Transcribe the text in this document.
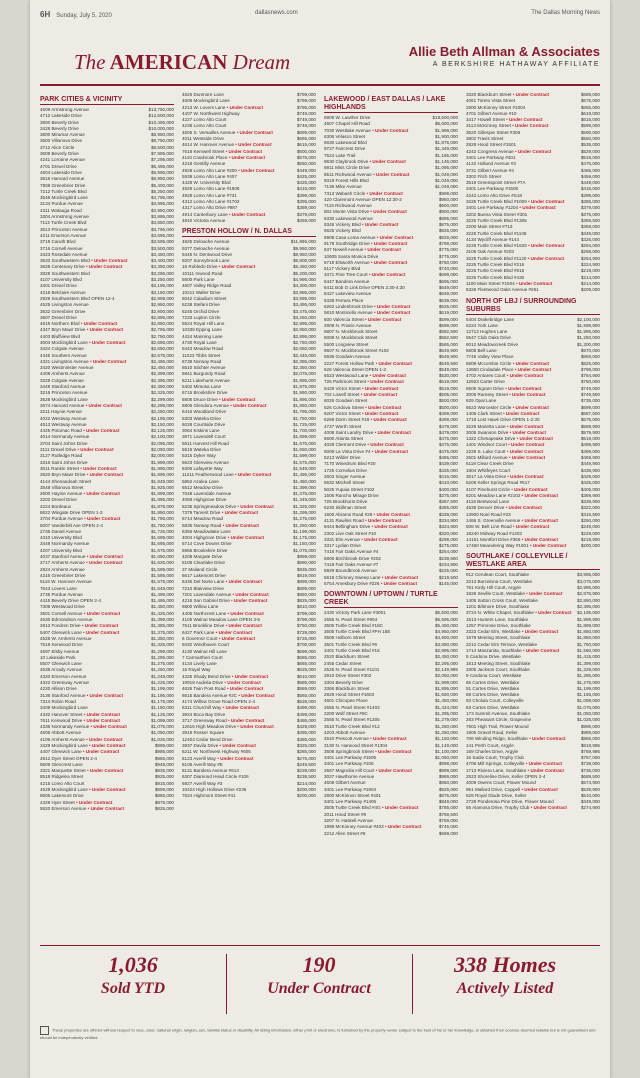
6H Sunday, July 5, 2020	dallasnews.com	The Dallas Morning News
The AMERICAN Dream	Allie Beth Allman & Associates
A BERKSHIRE HATHAWAY AFFILIATE
PARK CITIES & VICINITY
4509 Armstrong Avenue	$13,750,000
4712 Lakeside Drive	$12,500,000
3800 Beverly Drive	$10,495,000
3428 Beverly Drive	$10,000,000
3800 Miramar Avenue	$8,950,000
3600 Villanova Drive	$8,750,000
3712 Alice Circle	$8,500,000
3608 Beverly Drive	$7,995,000
4241 Lorraine Avenue	$7,295,000
4701 Drexel Drive	$6,495,000
4604 Lakeside Drive	$5,995,000
3616 Harvard Avenue	$5,950,000
7908 Greenbrier Drive	$5,400,000
7212 Turtle Creek Blvd	$5,250,000
3548 Mockingbird Lane	$4,795,000
3134 Purdue Avenue	$3,995,000
4311 Watauga Road	$3,950,000
3304 Armstrong Avenue	$3,895,000
7112 Turtle Creek Blvd	$3,850,000
3513 Princeton Avenue	$3,795,000
4211 Emerson Avenue	$3,695,000
3719 Caruth Blvd	$3,595,000
3716 Cornell Avenue	$3,500,000
3423 Rosedale Avenue	$3,450,000
3633 Southwestern Blvd • Under Contract	$3,400,000
3628 Centenary Drive • Under Contract	$3,350,000
3828 Southwestern Blvd	$3,295,000
4107 University Blvd	$3,250,000
3401 Drexel Drive	$3,195,000
4318 Belclaire Avenue	$3,150,000
2929 Southwestern Blvd OPEN 12-4	$2,999,000
4525 Livingston Avenue	$2,950,000
3632 Greenbrier Drive	$2,900,000
3607 Drexel Drive	$2,895,000
4615 Northern Blvd • Under Contract	$2,850,000
4347 Bryn Mawr Drive • Under Contract	$2,795,000
4403 Bluffview Blvd	$2,750,000
3004 Mockingbird Lane • Under Contract	$2,695,000
3424 Colgate Avenue	$2,650,000
4445 Southern Avenue	$2,575,000
4321 Livingston Avenue • Under Contract	$2,495,000
3420 Westminster Avenue	$2,450,000
4408 Amherst Avenue	$2,399,000
3228 Colgate Avenue	$2,395,000
3449 Stanford Avenue	$2,350,000
3216 Princeton Avenue	$2,325,000
3628 Mockingbird Lane	$2,299,000
3674 Harvard Avenue • Under Contract	$2,295,000
3211 Haynie Avenue	$2,250,000
4022 Westway Avenue	$2,195,000
4513 Westway Avenue	$2,150,000
4425 Potomac Road • Under Contract	$2,125,000
4014 Normandy Avenue	$2,100,000
3704 Saint Johns Drive	$2,095,000
3111 Drexel Drive • Under Contract	$2,050,000
3127 Rutledge Road	$2,000,000
3316 Saint Johns Drive	$1,999,000
3011 Rankin Street • Under Contract	$1,995,000
3520 Bryn Mawr Drive • Under Contract	$1,995,000
4144 Shenandoah Street	$1,949,000
3548 Villanova Street	$1,925,000
2600 Haynie Avenue • Under Contract	$1,899,000
3202 Drexel Drive	$1,895,000
4224 Bordeaux	$1,875,000
8622 Wingate Drive OPEN 1-3	$1,850,000
3704 Purdue Avenue • Under Contract	$1,795,000
5007 Vanderbilt Ave OPEN 2-4	$1,750,000
2735 Daniel Avenue	$1,725,000
4310 University Blvd	$1,699,000
3448 Normandy Avenue	$1,695,000
4207 University Blvd	$1,675,000
4037 Stanford Avenue • Under Contract	$1,650,000
2717 Amherst Avenue • Under Contract	$1,625,000
2824 Amherst Avenue	$1,599,000
4316 Greenbrier Drive	$1,595,000
5116 W. Hanover Avenue	$1,575,000
7643 Lovers Lane	$1,549,000
2735 Purdue Avenue	$1,499,000
4415 Beverly Drive OPEN 2-4	$1,495,000
7308 Westwood Drive	$1,450,000
3501 Cornell Avenue • Under Contract	$1,425,000
4530 Edmondson Avenue	$1,399,000
2813 Fondren Drive • Under Contract	$1,385,000
5407 Glenwick Lane • Under Contract	$1,375,000
4528 W. Amherst Avenue	$1,350,000
7518 Kenwood Drive	$1,325,000
4597 Elsby Avenue	$1,299,000
10 Lakeside Park	$1,295,000
5507 Glenwick Lane	$1,275,000
4538 Arcady Avenue	$1,250,000
4320 Emerson Avenue	$1,249,000
4322 Greenway Avenue	$1,225,000
4220 Allison Drive	$1,199,000
3136 Stanford Avenue • Under Contract	$1,195,000
7314 Robin Road	$1,175,000
3409 Mockingbird Lane	$1,150,000
4332 Hanover Street • Under Contract	$1,125,000
7611 Kenwood Drive • Under Contract	$1,099,000
4336 Normandy Avenue • Under Contract	$1,075,000
4606 Abbott Avenue	$1,050,000
4106 Amherst Avenue • Under Contract	$1,025,000
3429 Mockingbird Lane • Under Contract	$999,000
4407 Glenwick Lane • Under Contract	$985,000
2912 Dyer Street OPEN 2-4	$965,000
8609 Glencrest Lane	$949,000
3321 Marquette Street • Under Contract	$935,000
8518 Ridgelea Street	$925,000
4215 Lomo Alto Court	$915,000
4529 Mockingbird Lane • Under Contract	$899,000
8606 Lakemont Drive	$885,000
4329 Hyer Street • Under Contract	$875,000
5520 Emerson Avenue • Under Contract	$825,000
4626 Dunmore Lane	$799,000
4608 Mockingbird Lane	$799,000
4213 W. Lovers Lane • Under Contract	$795,000
4407 W. Northwest Highway	$749,000
4227 Lomo Alto Court	$749,000
4238 Lomo Alto Court	$749,000
4605 S. Versailles Avenue • Under Contract	$699,000
4011 Westside Drive	$665,000
4614 W. Hanover Avenue • Under Contract	$615,000
7618 Kemwell Street • Under Contract	$600,000
4110 Cranbrook Place • Under Contract	$575,000
4218 Gentilly Avenue	$550,000
4928 Lomo Alto Lane #200 • Under Contract	$449,000
5939 Lomo Alto Lane #407	$425,000
4428 W. University Blvd	$425,000
4929 Lomo Alto Lane #1906	$415,000
4928 Lomo Alto Lane #731	$399,000
4312 Lomo Alto Lane #1702	$395,000
4317 Lomo Alto Drive #987	$389,000
4914 Canterbury Lane • Under Contract	$379,000
4810 Victoria Avenue	$359,000
PRESTON HOLLOW / N. DALLAS
4825 Deloache Avenue	$11,995,000
9377 Deloache Avenue	$9,950,000
5445 N. Dentwood Drive	$8,950,000
9207 Sunnybrook Lane	$6,800,000
15 Robledo Drive • Under Contract	$5,450,000
10111 Inwood Road	$5,200,000
5600 Park Lane	$4,995,000
4607 Valley Ridge Road	$4,300,000
10211 Waller Drive	$3,995,000
5042 Caladium Street	$3,995,000
5238 Stefani Drive	$3,495,000
6245 Orchid Drive	$3,475,000
7233 Lupton Circle	$3,250,000
5524 Royal Hill Lane	$2,995,000
10336 Epping Lane	$2,950,000
4424 Manning Lane	$2,895,000
4730 Royal Lane	$2,750,000
5443 Meadow Road	$2,650,000
11023 Tibbs Street	$2,445,000
6739 Norway Road	$2,395,000
6510 Stichter Avenue	$2,350,000
5841 Burgundy Road	$2,075,000
6211 Lakehurst Avenue	$1,995,000
5402 Mimosa Lane	$1,975,000
6715 Brookshire Drive	$1,950,000
5806 Druce Drive • Under Contract	$1,895,000
6806 Glendora Avenue • Under Contract	$1,850,000
6416 Woodland Drive	$1,795,000
5303 Wateka Drive	$1,750,000
6028 Courtside Drive	$1,725,000
3064 Kiskins Lane	$1,700,000
3871 Lavendell Court	$1,699,000
5611 Harvest Hill Road	$1,675,000
5515 Wateka Drive	$1,650,000
5315 Dyker Way	$1,599,000
5623 Glenview Avenue	$1,575,000
6306 Lafayette Way	$1,549,000
11211 Featherwood Lane • Under Contract	$1,495,000
5862 Azalea Lane	$1,450,000
6512 Meadow Drive	$1,399,000
7048 Lavendale Avenue	$1,375,000
4058 Highgrove Drive	$1,349,000
5235 Springmeadow Drive • Under Contract	$1,325,000
7379 Tamerit Drive • Under Contract	$1,299,000
6714 Meadow Road	$1,275,000
5835 Norway Road • Under Contract	$1,250,000
6356 Meadowlake Lane	$1,199,000
4004 Highgrove Drive • Under Contract	$1,175,000
5714 Cove Downs Drive	$1,150,000
6966 Brookshire Drive	$1,075,000
4208 Margate Drive	$999,000
5108 Clearlake Drive	$990,000
37 Mailand Circle	$935,000
6617 Lakemont Drive	$919,000
6436 Del Norte Lane • Under Contract	$899,000
7210 Blairview Drive	$899,000
7201 Lavendale Avenue • Under Contract	$850,000
4216 San Gabriel Drive • Under Contract	$825,000
6800 Willow Lane	$810,000
4405 Northcrest Lane • Under Contract	$799,000
4105 Walnut Meadow Lane OPEN 3-5	$799,000
7511 Brookline Drive • Under Contract	$750,000
6427 Park Lane • Under Contract	$729,000
6 Governor Court • Under Contract	$725,000
9432 Windhaven Court	$700,000
4130 Walnut Hill Lane	$699,000
7 Carmarthen Court	$685,000
4134 Lively Lane	$665,000
15 Royal Way	$625,000
4325 Shady Bend Drive • Under Contract	$610,000
10918 Audelia Drive • Under Contract	$585,000
4626 Twin Post Road • Under Contract	$569,000
6615 Bandera Avenue #2C • Under Contract	$565,000
4174 Willow Grove Road OPEN 2-4	$539,000
6311 Churchill Way • Under Contract	$499,000
3924 Boca Bay Drive	$499,000
3717 Greenway Road • Under Contract	$486,000
12616 High Meadow Drive • Under Contract	$429,000
3919 Rosser Square	$395,000
12404 Cedar Bend Drive	$385,000
3937 Davila Drive • Under Contract	$325,000
6211 W. Northwest Highway #605	$285,000
6123 Averill Way • Under Contract	$275,000
6106 Averill Way #E	$249,500
6131 Bandera Avenue #613	$239,000
6307 Diamond Head Circle #106	$238,500
5927 Averill Way #3	$214,000
10424 High Hollows Drive #236	$200,000
7624 Highmont Street #41	$200,000
LAKEWOOD / EAST DALLAS / LAKE HIGHLANDS
6909 W. Lawther Drive	$18,500,000
4607 Chapel Hill Road	$5,600,000
7030 Westlake Avenue • Under Contract	$1,999,000
6306 Velasco Street	$1,900,000
6630 Lakewood Blvd	$1,875,000
9727 Faircrest Drive	$1,349,000
7524 Lake Trail	$1,165,000
9630 Claybrook Drive • Under Contract	$1,145,000
5911 Miss Circle Drive	$1,095,000
8511 Richwood Avenue • Under Contract	$1,049,000
9319 Forest Hills Blvd	$1,049,000
7135 Mike Avenue	$1,049,000
7313 Wabash Circle • Under Contract	$999,000
420 Claremont Avenue OPEN 12:30-2	$950,000
7115 Richwood Avenue	$900,000
802 Monte Vista Drive • Under Contract	$900,000
6330 Lakewood Avenue	$895,000
9346 Vickery Blvd • Under Contract	$875,000
6625 Vickery Blvd	$825,000
6908 Casa Loma Avenue • Under Contract	$825,000
9178 Southridge Drive • Under Contract	$799,000
637 Newell Avenue • Under Contract	$775,000
10605 Santa Monica Drive	$775,000
6719 Elsworth Avenue • Under Contract	$750,000
5117 Vickery Blvd	$740,000
3471 Pine Tree Court • Under Contract	$699,000
6447 Bandera Avenue	$695,000
6411 Bob O Link Drive OPEN 2:30-4:30	$649,000
6427 Lakeview Avenue	$649,000
6338 Ferrara Place	$639,000
6262 Lindenbrook Drive • Under Contract	$625,000
5810 Monticello Avenue • Under Contract	$619,000
600 Valencia Street • Under Contract	$599,000
2909 N. Prairie Avenue	$599,000
6807 N. Mockbrook Street	$582,500
6008 N. Mockbrook Street	$582,500
5500 Longview Street	$565,000
6607 N. Mockbrook Street #102	$549,900
5936 Goodwin Avenue	$549,900
2227 Forest Hollow Path • Under Contract	$549,500
626 Valencia Street OPEN 1-3	$549,000
6523 Westwood Lane • Under Contract	$530,000
725 Parkmont Street • Under Contract	$519,000
5429 Victor Street • Under Contract	$519,000
702 Lowell Street • Under Contract	$505,000
6026 Goodwin Street	$500,000
526 Cordova Street • Under Contract	$500,000
6207 Victor Street • Under Contract	$499,000
6268 Dorm Street #18 • Under Contract	$499,000
4727 Worth Street	$479,000
4008 Saint Landry Drive • Under Contract	$479,000
6600 Atlanta Street	$475,000
4028 Clermont Drive • Under Contract	$475,000
6009 La Vista Drive #4 • Under Contract	$475,000
5213 Wilder Drive	$465,000
7170 Winedrum Blvd #20	$439,000
1725 Cornelius Drive	$425,000
2603 Singer Avenue	$415,000
5632 Mitchell Street	$410,000
5025 Yupaia Street #102	$400,000
1505 Rancho Mirage Drive	$375,000
725 Brookhurst Drive	$367,500
6230 Skillman Street	$365,000
1600 Abrams Road #28 • Under Contract	$339,000
4131 Rawlins Road • Under Contract	$334,900
8444 Bellingham Drive • Under Contract	$324,900
2302 Live Oak Street #10	$320,000
3331 Elm Avenue • Under Contract	$299,000
3317 Lydian Drive	$275,000
7418 Fair Oaks Avenue #4	$264,000
5806 Birchbrook Drive #202	$239,900
7418 Fair Oaks Avenue #7	$234,900
8929 Boundbrook Avenue	$225,000
5618 Chimney Sweep Lane • Under Contract	$219,500
5754 Amesbury Drive #226 • Under Contract	$145,000
DOWNTOWN / UPTOWN / TURTLE CREEK
2430 Victory Park Lane #3001	$6,500,000
2555 N. Pearl Street #904	$5,595,000
3505 Turtle Creek Blvd #18C	$5,450,000
3505 Turtle Creek Blvd #PH 18E	$4,950,000
3505 Holborn Street	$4,900,000
3501 Turtle Creek Blvd #6	$3,850,000
3401 Turtle Creek Blvd #16	$2,995,000
2520 Blackburn Street	$2,450,000
2455 Cedar Street	$2,295,000
2525 N. Pearl Street #1101	$2,149,995
2910 Drive Street #302	$2,050,000
3304 Beverly Drive	$1,999,000
3366 Blackburn Street	$1,895,000
2828 Hood Street #1603	$1,650,000
4601 Chicopee Place	$1,450,000
2555 N. Pearl Street #1403	$1,424,000
2200 Wolf Street #9C	$1,395,000
2555 N. Pearl Street #1305	$1,279,000
3510 Turtle Creek Blvd #12	$1,250,000
4203 Abbott Avenue	$1,250,000
4510 Prescott Avenue • Under Contract	$1,150,000
3130 N. Harwood Street #1304	$1,149,000
3508 Springbrook Street • Under Contract	$1,100,000
3401 Lee Parkway #1605	$1,050,000
3401 Lee Parkway #106	$998,000
2567 Magnolia Hill Court • Under Contract	$999,000
3027 Hawthorne Avenue	$989,000
4608 Gilbert Avenue	$960,000
3401 Lee Parkway #1904	$925,000
2900 McKinnon Street #401	$875,000
3401 Lee Parkway #1406	$849,000
3505 Turtle Creek Blvd #4G • Under Contract	$785,000
2011 Hood Street #8	$769,500
3207 N. Haskell Avenue	$759,000
1999 McKinney Avenue #403 • Under Contract	$745,000
2212 Allen Street #8	$669,000
3320 Blackburn Street • Under Contract	$689,000
4061 Toreto Vista Street	$675,000
2900 McKinney Street #1004	$665,000
4701 Gilbert Avenue #10	$619,000
3417 Howell Street • Under Contract	$615,000
3113 McKinney Street • Under Contract	$599,000
3520 Gillespie Street #306	$590,000
3802 Travis Street	$550,000
2828 Hood Street #1501	$535,000
4242 Congress Avenue • Under Contract	$529,000
3401 Lee Parkway #401	$519,000
4122 Holland Avenue #3	$475,000
3731 Gilbert Avenue #4	$465,000
3302 Fitch Street	$459,000
3519 Greenspoint Street #7A	$449,000
3401 Lee Parkway #1508	$415,000
4242 Lomo Alto Drive #S18	$399,000
3225 Turtle Creek Blvd #1009 • Under Contract	$385,000
3401 Lee Parkway #1204 • Under Contract	$379,000
3202 Buena Vista Street #301	$375,000
3225 Turtle Creek Blvd #1305	$369,500
2200 Main Street #713	$359,000
3225 Turtle Creek Blvd #1108	$349,000
4134 Wycliff Avenue #144	$325,000
3225 Turtle Creek Blvd #1628 • Under Contract	$294,000
3106 Oak Avenue #203	$268,000
3225 Turtle Creek Blvd #1120 • Under Contract	$254,900
3225 Turtle Creek Blvd #216	$224,900
3225 Turtle Creek Blvd #615	$219,000
3225 Turtle Creek Blvd #430	$214,000
1100 Main Street #1504 • Under Contract	$214,000
5326 Fleetwood Oaks Avenue #251	$209,000
NORTH OF LBJ / SURROUNDING SUBURBS
5404 Drakebridge Lane	$2,100,000
5224 York Lane	$1,999,900
12713 Hughes Lane	$1,995,000
5547 Club Oaks Drive	$1,250,000
6012 Meadowcreek Drive	$1,200,000
6808 Bell Lane	$970,000
7745 Valley View Place	$869,000
6809 Mccombie Circle • Under Contract	$825,000
13650 Cindadale Place • Under Contract	$799,000
4702 Antares Court • Under Contract	$764,900
12923 Carter Drive	$750,000
6506 Ingram Drive • Under Contract	$749,000
3006 Ramsey Street • Under Contract	$749,500
629 Opal Lane	$735,000
6523 Worcester Circle • Under Contract	$699,000
1405 Clark Street • Under Contract	$687,500
1718 Lost Hawk Drive OPEN 1-2:30	$675,000
3229 Marietta Lane • Under Contract	$589,900
3005 Swanson Drive • Under Contract	$579,900
1322 Chesapeake Drive • Under Contract	$519,000
1401 Windsor Court • Under Contract	$499,900
2228 S. Lake Court • Under Contract	$499,000
2501 Millard Avenue • Under Contract	$459,900
6118 Clear Creek Drive	$449,900
1804 Whitfeyes Court	$439,900
3517 La Vista Drive • Under Contract	$429,000
5208 Keller Springs Road #517	$425,000
4107 Pinehurst Circle • Under Contract	$405,000
6201 Meadow Lane #2102 • Under Contract	$389,900
4118 Bentwood Lane	$339,900
4536 Denver Drive • Under Contract	$322,000
13900 Noel Road #23	$315,500
1466 S. Greenville Avenue • Under Contract	$250,000
508 W. Belt Line Road • Under Contract	$249,000
18240 Midway Road #1403	$229,000
14151 Montfort Drive #366 • Under Contract	$219,900
17460 Meandering Way #1601 • Under Contract	$200,000
SOUTHLAKE / COLLEYVILLE / WESTLAKE AREA
912 Cerulean Court, Southlake	$3,995,000
2213 Barcelona Court, Westlake	$3,075,000
781 Kirdy Hill Court, Argyle	$2,995,000
1826 Seville Court, Westlake • Under Contract	$2,875,900
1405 Sutton Cross Court, Westlake	$2,850,000
1201 Biltmore Drive, Southlake	$2,395,000
3724 N. White Chapel, Southlake • Under Contract $2,195,000
1513 Hunters Lane, Southlake	$1,999,900
1257 Primrose Drive, Southlake	$1,899,000
2323 Cedar Elm, Westlake • Under Contract	$1,850,000
1679 Meeting Street, Southlake	$1,850,000
2212 Cedar Elm Terrace, Westlake	$1,750,000
1714 Manzanita, Southlake • Under Contract	$1,560,000
5 Cardona Drive, Westlake	$1,415,000
1513 Meeting Street, Southlake	$1,399,000
3305 Jackson Court, Southlake	$1,329,000
9 Cardona Court, Westlake	$1,285,000
65 Cortes Drive, Westlake	$1,275,000
51 Cortes Drive, Westlake	$1,199,000
88 Cortes Drive, Westlake	$1,165,000
93 Cholula Court, Colleyville	$1,099,000
63 Cortes Drive, Westlake	$1,075,000
173 Summit Avenue, Southlake	$1,050,000
283 Pheasant Circle, Grapevine	$1,025,000
7601 High Trail, Flower Mound	$995,000
1905 Gravel Road, Keller	$989,000
706 Winding Ridge, Southlake • Under Contract	$865,000
141 Perth Court, Argyle	$819,995
159 Charles Drive, Argyle	$759,995
16 Sadie Court, Trophy Club	$757,000
4706 Mill Springs, Colleyville • Under Contract	$739,000
1713 Riviera Lane, Southlake • Under Contract	$735,000
2523 Shoreline Drive, Keller OPEN 2-4	$689,500
4009 Owens Court, Flower Mound	$574,900
951 Mallard Drive, Coppell • Under Contract	$539,900
529 Royal Glade Drive, Keller	$510,000
2728 Ponderosa Pine Drive, Flower Mound	$349,000
55 Alamosa Drive, Trophy Club • Under Contract	$274,900
1,036
Sold YTD
190
Under Contract
338 Homes
Actively Listed
These properties are offered without respect to race, color, national origin, religion, sex, familial status or disability. All listing information, either print or electronic, is furnished by the property owner subject to the best of his or her knowledge, is obtained from sources deemed reliable but is not guaranteed and should be independently verified.
